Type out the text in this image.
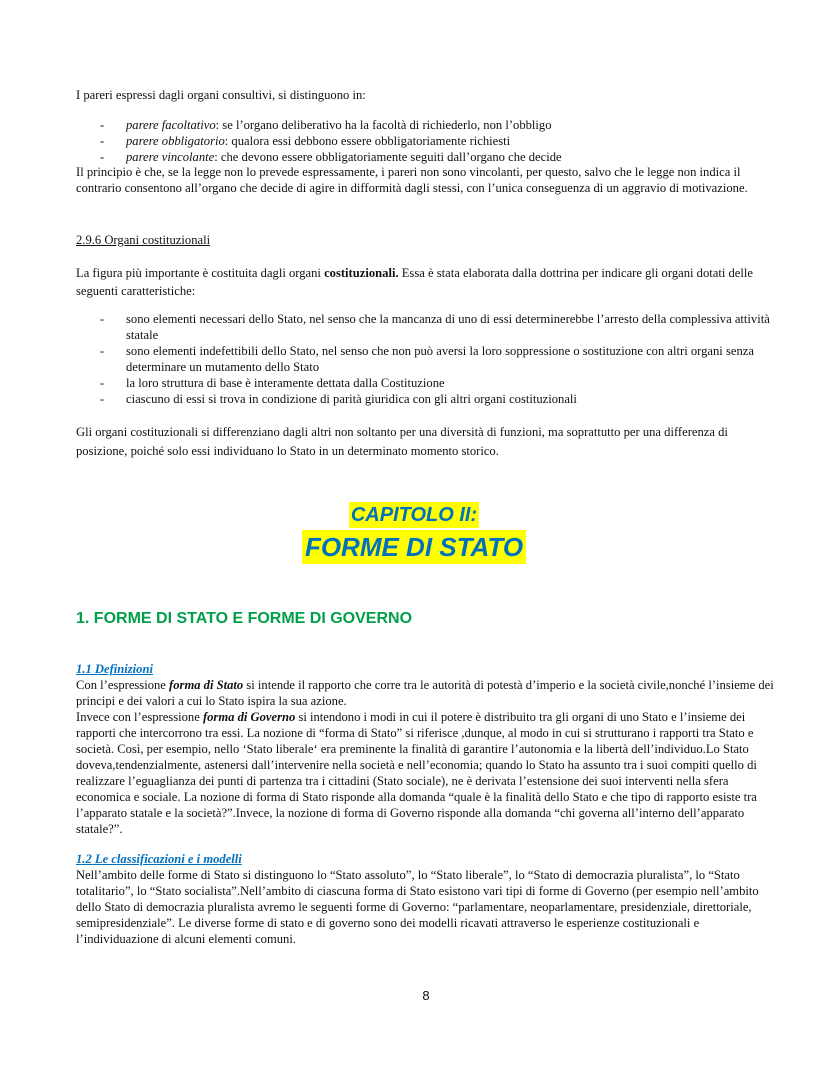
I pareri espressi dagli organi consultivi, si distinguono in:

- parere facoltativo: se l’organo deliberativo ha la facoltà di richiederlo, non l’obbligo
- parere obbligatorio: qualora essi debbono essere obbligatoriamente richiesti
- parere vincolante: che devono essere obbligatoriamente seguiti dall’organo che decide

Il principio è che, se la legge non lo prevede espressamente, i pareri non sono vincolanti, per questo, salvo che le legge non indica il contrario consentono all’organo che decide di agire in difformità dagli stessi, con l’unica conseguenza di un aggravio di motivazione.

2.9.6 Organi costituzionali

La figura più importante è costituita dagli organi costituzionali. Essa è stata elaborata dalla dottrina per indicare gli organi dotati delle seguenti caratteristiche:

- sono elementi necessari dello Stato, nel senso che la mancanza di uno di essi determinerebbe l’arresto della complessiva attività statale
- sono elementi indefettibili dello Stato, nel senso che non può aversi la loro soppressione o sostituzione con altri organi senza determinare un mutamento dello Stato
- la loro struttura di base è interamente dettata dalla Costituzione
- ciascuno di essi si trova in condizione di parità giuridica con gli altri organi costituzionali

Gli organi costituzionali si differenziano dagli altri non soltanto per una diversità di funzioni, ma soprattutto per una differenza di posizione, poiché solo essi individuano lo Stato in un determinato momento storico.

CAPITOLO II:
FORME DI STATO
1. FORME DI STATO E FORME DI GOVERNO
1.1 Definizioni

Con l’espressione forma di Stato si intende il rapporto che corre tra le autorità di potestà d’imperio e la società civile,nonché l’insieme dei principi e dei valori a cui lo Stato ispira la sua azione.
Invece con l’espressione forma di Governo si intendono i modi in cui il potere è distribuito tra gli organi di uno Stato e l’insieme dei rapporti che intercorrono tra essi. La nozione di “forma di Stato” si riferisce ,dunque, al modo in cui si strutturano i rapporti tra Stato e società. Così, per esempio, nello ‘Stato liberale‘ era preminente la finalità di garantire l’autonomia e la libertà dell’individuo.Lo Stato doveva,tendenzialmente, astenersi dall’intervenire nella società e nell’economia; quando lo Stato ha assunto tra i suoi compiti quello di realizzare l’eguaglianza dei punti di partenza tra i cittadini (Stato sociale), ne è derivata l’estensione dei suoi interventi nella sfera economica e sociale. La nozione di forma di Stato risponde alla domanda “quale è la finalità dello Stato e che tipo di rapporto esiste tra l’apparato statale e la società?”.Invece, la nozione di forma di Governo risponde alla domanda “chi governa all’interno dell’apparato statale?”.

1.2 Le classificazioni e i modelli

Nell’ambito delle forme di Stato si distinguono lo “Stato assoluto”, lo “Stato liberale”, lo “Stato di democrazia pluralista”, lo “Stato totalitario”, lo “Stato socialista”.Nell’ambito di ciascuna forma di Stato esistono vari tipi di forme di Governo (per esempio nell’ambito dello Stato di democrazia pluralista avremo le seguenti forme di Governo: “parlamentare, neoparlamentare, presidenziale, direttoriale, semipresidenziale”. Le diverse forme di stato e di governo sono dei modelli ricavati attraverso le esperienze costituzionali e l’individuazione di alcuni elementi comuni.

8
